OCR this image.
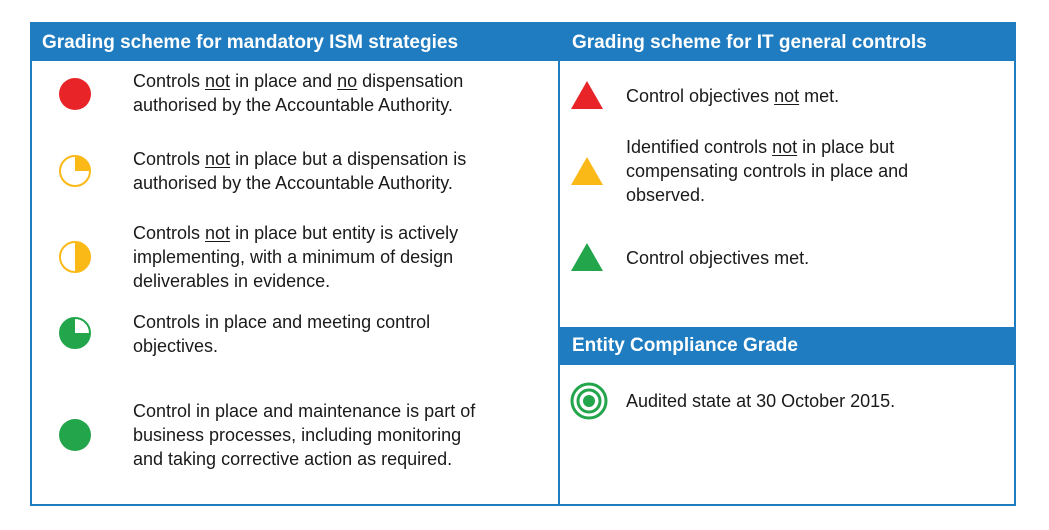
Grading scheme for mandatory ISM strategies	Grading scheme for IT general controls
Entity Compliance Grade
Controls not in place and no dispensation
authorised by the Accountable Authority.
Controls not in place but a dispensation is
authorised by the Accountable Authority.
Controls not in place but entity is actively
implementing, with a minimum of design
deliverables in evidence.
Controls in place and meeting control
objectives.
Control in place and maintenance is part of
business processes, including monitoring
and taking corrective action as required.
Control objectives not met.
Identified controls not in place but
compensating controls in place and
observed.
Control objectives met.
Audited state at 30 October 2015.
